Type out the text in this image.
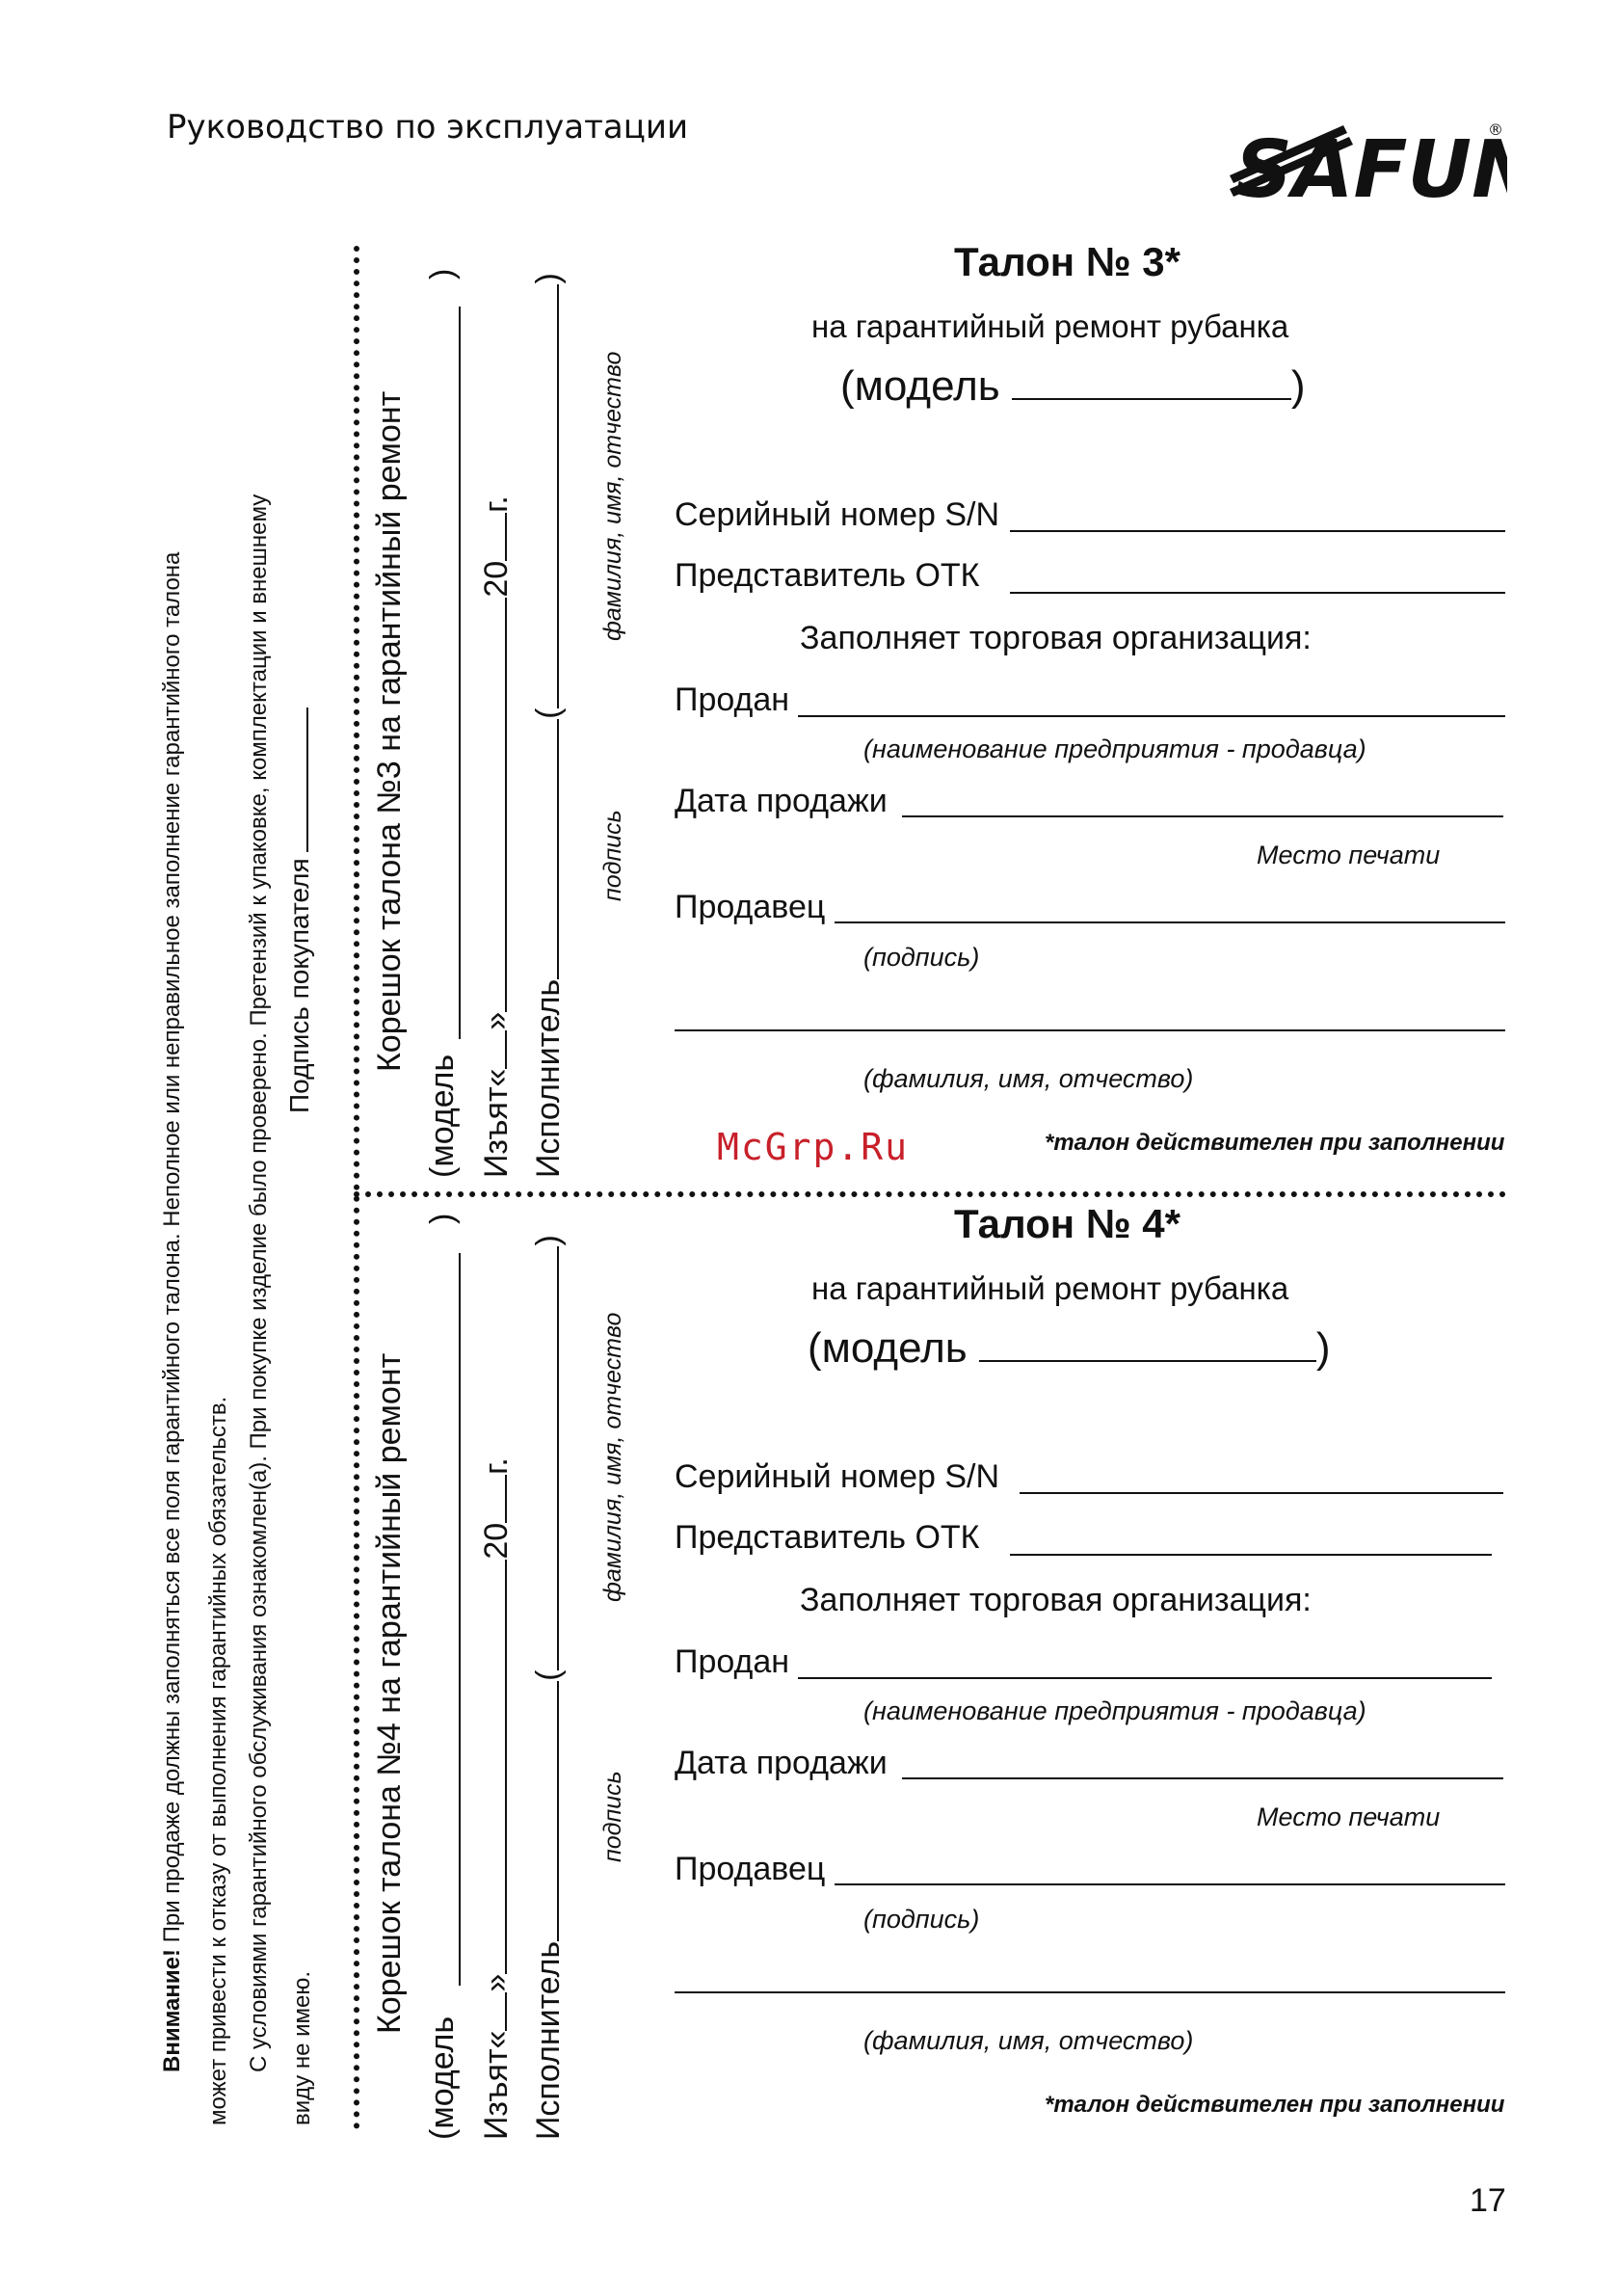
Руководство по эксплуатации	SAFU	®
Внимание! При продаже должны заполняться все поля гарантийного талона. Неполное или неправильное заполнение гарантийного талона может привести к отказу от выполнения гарантийных обязательств. С условиями гарантийного обслуживания ознакомлен(а). При покупке изделие было проверено. Претензий к упаковке, комплектации и внешнему виду не имею.
Подпись покупателя Корешок талона №3 на гарантийный ремонт
(модель
)
Изъят«»20г.
Исполнитель()
подпись
фамилия, имя, отчество
Корешок талона №4 на гарантийный ремонт
(модель
)
Изъят«»20г.
Исполнитель()
подпись
фамилия, имя, отчество
Талон № 3*
на гарантийный ремонт рубанка
(модель	)
Серийный номер S/N
Представитель ОТК
Заполняет торговая организация:
Продан
(наименование предприятия - продавца)
Дата продажи
Место печати
Продавец
(подпись)
(фамилия, имя, отчество)
McGrp.Ru	*талон действителен при заполнении
Талон № 4*
на гарантийный ремонт рубанка
(модель	)
Серийный номер S/N
Представитель ОТК
Заполняет торговая организация:
Продан
(наименование предприятия - продавца)
Дата продажи
Место печати
Продавец
(подпись)
(фамилия, имя, отчество)
*талон действителен при заполнении
17
